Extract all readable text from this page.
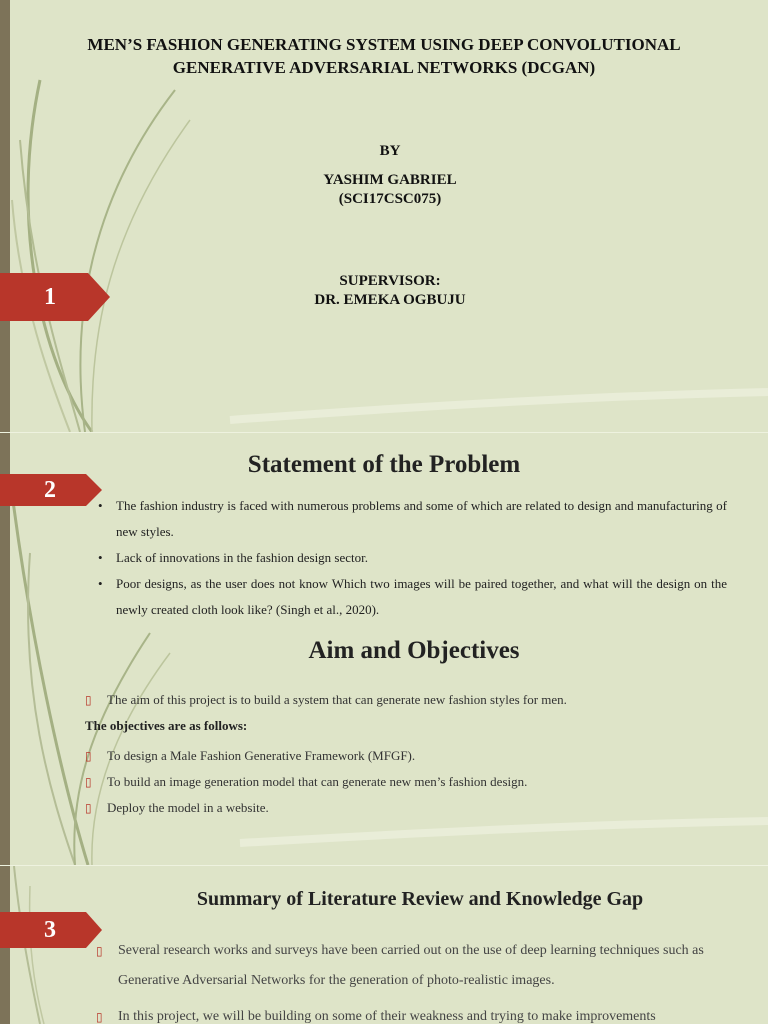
MEN’S FASHION GENERATING SYSTEM USING DEEP CONVOLUTIONAL
GENERATIVE ADVERSARIAL NETWORKS (DCGAN)
BY
YASHIM GABRIEL
(SCI17CSC075)
SUPERVISOR:
DR. EMEKA OGBUJU
1
Statement of the Problem
2
• The fashion industry is faced with numerous problems and some of which are related to design and manufacturing of new styles.
• Lack of innovations in the fashion design sector.
• Poor designs, as the user does not know Which two images will be paired together, and what will the design on the newly created cloth look like? (Singh et al., 2020).
Aim and Objectives
▯ The aim of this project is to build a system that can generate new fashion styles for men.
The objectives are as follows:
▯ To design a Male Fashion Generative Framework (MFGF).
▯ To build an image generation model that can generate new men’s fashion design.
▯ Deploy the model in a website.
Summary of Literature Review and Knowledge Gap
3
▯ Several research works and surveys have been carried out on the use of deep learning techniques such as Generative Adversarial Networks for the generation of photo-realistic images.
▯ In this project, we will be building on some of their weakness and trying to make improvements
